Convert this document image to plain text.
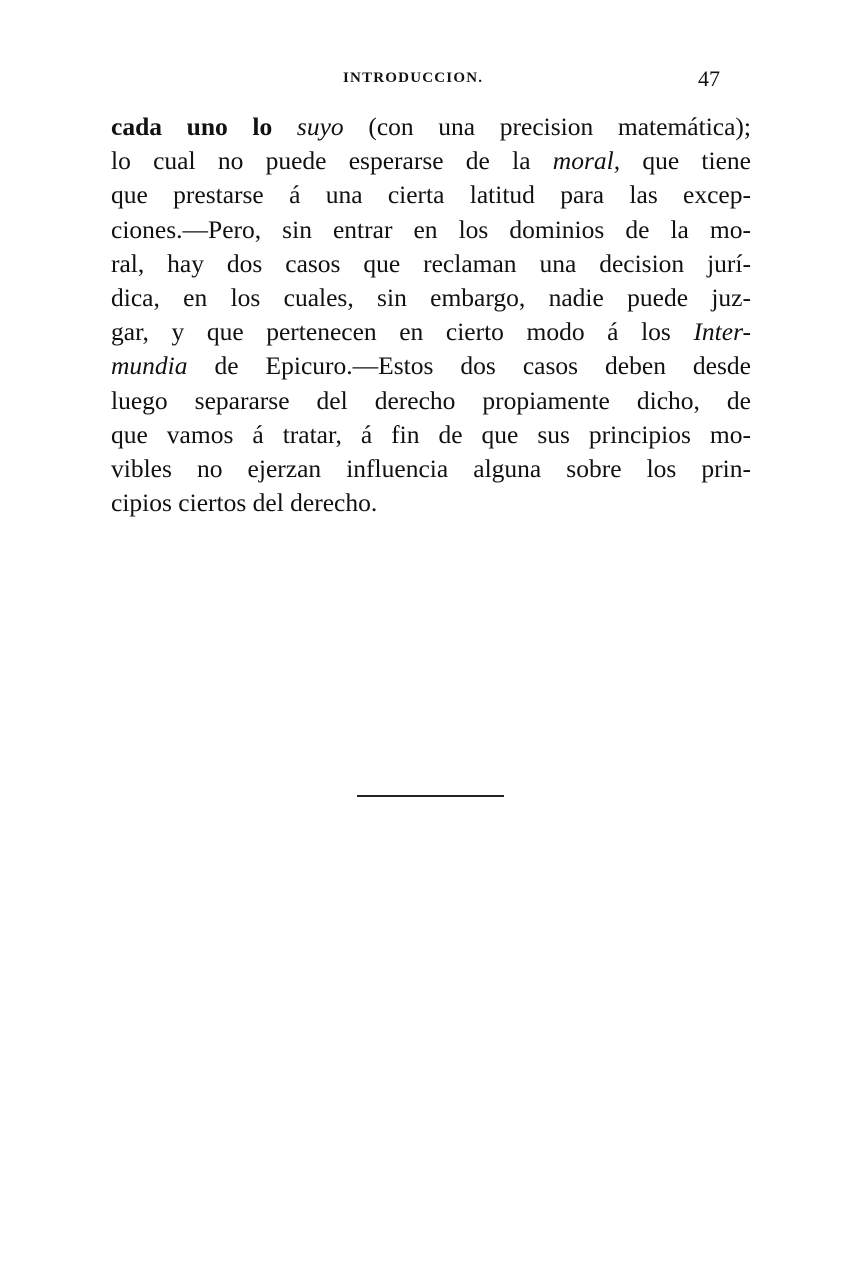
INTRODUCCION.	47
cada uno lo suyo (con una precision matemática);
lo cual no puede esperarse de la moral, que tiene
que prestarse á una cierta latitud para las excep-
ciones.—Pero, sin entrar en los dominios de la mo-
ral, hay dos casos que reclaman una decision jurí-
dica, en los cuales, sin embargo, nadie puede juz-
gar, y que pertenecen en cierto modo á los Inter-
mundia de Epicuro.—Estos dos casos deben desde
luego separarse del derecho propiamente dicho, de
que vamos á tratar, á fin de que sus principios mo-
vibles no ejerzan influencia alguna sobre los prin-
cipios ciertos del derecho.
